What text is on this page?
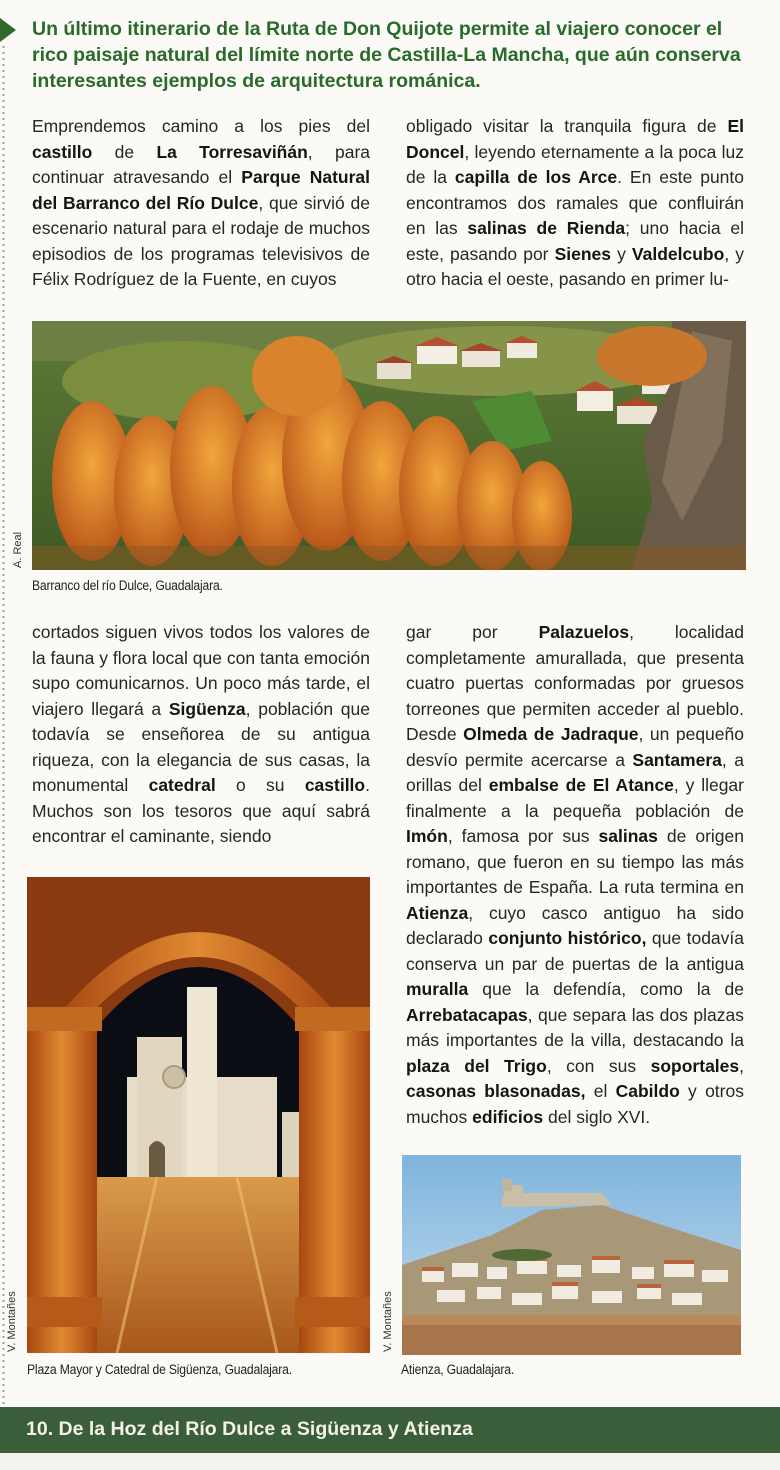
Un último itinerario de la Ruta de Don Quijote permite al viajero conocer el rico paisaje natural del límite norte de Castilla-La Mancha, que aún conserva interesantes ejemplos de arquitectura románica.

Emprendemos camino a los pies del castillo de La Torresaviñán, para continuar atravesando el Parque Natural del Barranco del Río Dulce, que sirvió de escenario natural para el rodaje de muchos episodios de los programas televisivos de Félix Rodríguez de la Fuente, en cuyos

obligado visitar la tranquila figura de El Doncel, leyendo eternamente a la poca luz de la capilla de los Arce. En este punto encontramos dos ramales que confluirán en las salinas de Rienda; uno hacia el este, pasando por Sienes y Valdelcubo, y otro hacia el oeste, pasando en primer lu-

A. Real
Barranco del río Dulce, Guadalajara.

cortados siguen vivos todos los valores de la fauna y flora local que con tanta emoción supo comunicarnos. Un poco más tarde, el viajero llegará a Sigüenza, población que todavía se enseñorea de su antigua riqueza, con la elegancia de sus casas, la monumental catedral o su castillo. Muchos son los tesoros que aquí sabrá encontrar el caminante, siendo

gar por Palazuelos, localidad completamente amurallada, que presenta cuatro puertas conformadas por gruesos torreones que permiten acceder al pueblo. Desde Olmeda de Jadraque, un pequeño desvío permite acercarse a Santamera, a orillas del embalse de El Atance, y llegar finalmente a la pequeña población de Imón, famosa por sus salinas de origen romano, que fueron en su tiempo las más importantes de España. La ruta termina en Atienza, cuyo casco antiguo ha sido declarado conjunto histórico, que todavía conserva un par de puertas de la antigua muralla que la defendía, como la de Arrebatacapas, que separa las dos plazas más importantes de la villa, destacando la plaza del Trigo, con sus soportales, casonas blasonadas, el Cabildo y otros muchos edificios del siglo XVI.

V. Montañes
Plaza Mayor y Catedral de Sigüenza, Guadalajara.
V. Montañes
Atienza, Guadalajara.
10. De la Hoz del Río Dulce a Sigüenza y Atienza
